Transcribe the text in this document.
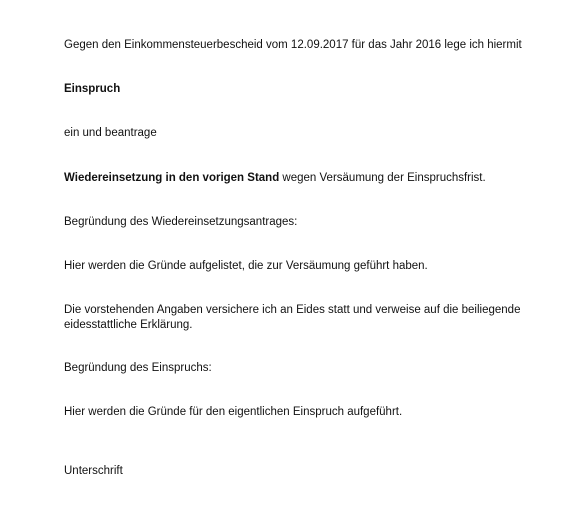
Gegen den Einkommensteuerbescheid vom 12.09.2017 für das Jahr 2016 lege ich hiermit
Einspruch
ein und beantrage
Wiedereinsetzung in den vorigen Stand wegen Versäumung der Einspruchsfrist.
Begründung des Wiedereinsetzungsantrages:
Hier werden die Gründe aufgelistet, die zur Versäumung geführt haben.
Die vorstehenden Angaben versichere ich an Eides statt und verweise auf die beiliegende
eidesstattliche Erklärung.
Begründung des Einspruchs:
Hier werden die Gründe für den eigentlichen Einspruch aufgeführt.
Unterschrift
